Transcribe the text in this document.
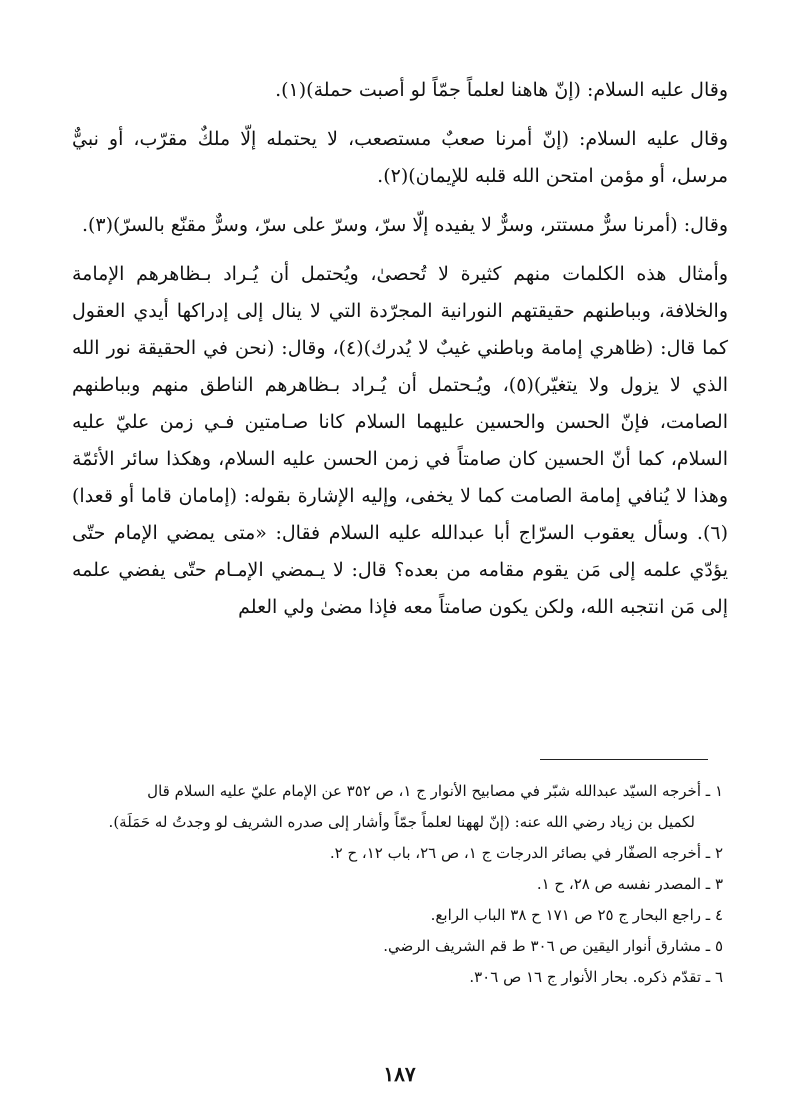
وقال عليه السلام: (إنّ هاهنا لعلماً جمّاً لو أصبت حملة)(١).

وقال عليه السلام: (إنّ أمرنا صعبٌ مستصعب، لا يحتمله إلّا ملكٌ مقرّب، أو نبيٌّ مرسل، أو مؤمن امتحن الله قلبه للإيمان)(٢).

وقال: (أمرنا سرٌّ مستتر، وسرٌّ لا يفيده إلّا سرّ، وسرّ على سرّ، وسرٌّ مقنّع بالسرّ)(٣).

وأمثال هذه الكلمات منهم كثيرة لا تُحصىٰ، ويُحتمل أن يُـراد بـظاهرهم الإمامة والخلافة، وبباطنهم حقيقتهم النورانية المجرّدة التي لا ينال إلى إدراكها أيدي العقول كما قال: (ظاهري إمامة وباطني غيبٌ لا يُدرك)(٤)، وقال: (نحن في الحقيقة نور الله الذي لا يزول ولا يتغيّر)(٥)، ويُـحتمل أن يُـراد بـظاهرهم الناطق منهم وبباطنهم الصامت، فإنّ الحسن والحسين عليهما السلام كانا صـامتين فـي زمن عليّ عليه السلام، كما أنّ الحسين كان صامتاً في زمن الحسن عليه السلام، وهكذا سائر الأئمّة وهذا لا يُنافي إمامة الصامت كما لا يخفى، وإليه الإشارة بقوله: (إمامان قاما أو قعدا)(٦). وسأل يعقوب السرّاج أبا عبدالله عليه السلام فقال: «متى يمضي الإمام حتّى يؤدّي علمه إلى مَن يقوم مقامه من بعده؟ قال: لا يـمضي الإمـام حتّى يفضي علمه إلى مَن انتجبه الله، ولكن يكون صامتاً معه فإذا مضىٰ ولي العلم

١ ـ أخرجه السيّد عبدالله شبّر في مصابيح الأنوار ج ١، ص ٣٥٢ عن الإمام عليّ عليه السلام قال

لكميل بن زياد رضي الله عنه: (إنّ لههنا لعلماً جمّاً وأشار إلى صدره الشريف لو وجدتُ له حَمَلَة).

٢ ـ أخرجه الصفّار في بصائر الدرجات ج ١، ص ٢٦، باب ١٢، ح ٢.

٣ ـ المصدر نفسه ص ٢٨، ح ١.

٤ ـ راجع البحار ج ٢٥ ص ١٧١ ح ٣٨ الباب الرابع.

٥ ـ مشارق أنوار اليقين ص ٣٠٦ ط قم الشريف الرضي.

٦ ـ تقدّم ذكره. بحار الأنوار ج ١٦ ص ٣٠٦.

١٨٧
